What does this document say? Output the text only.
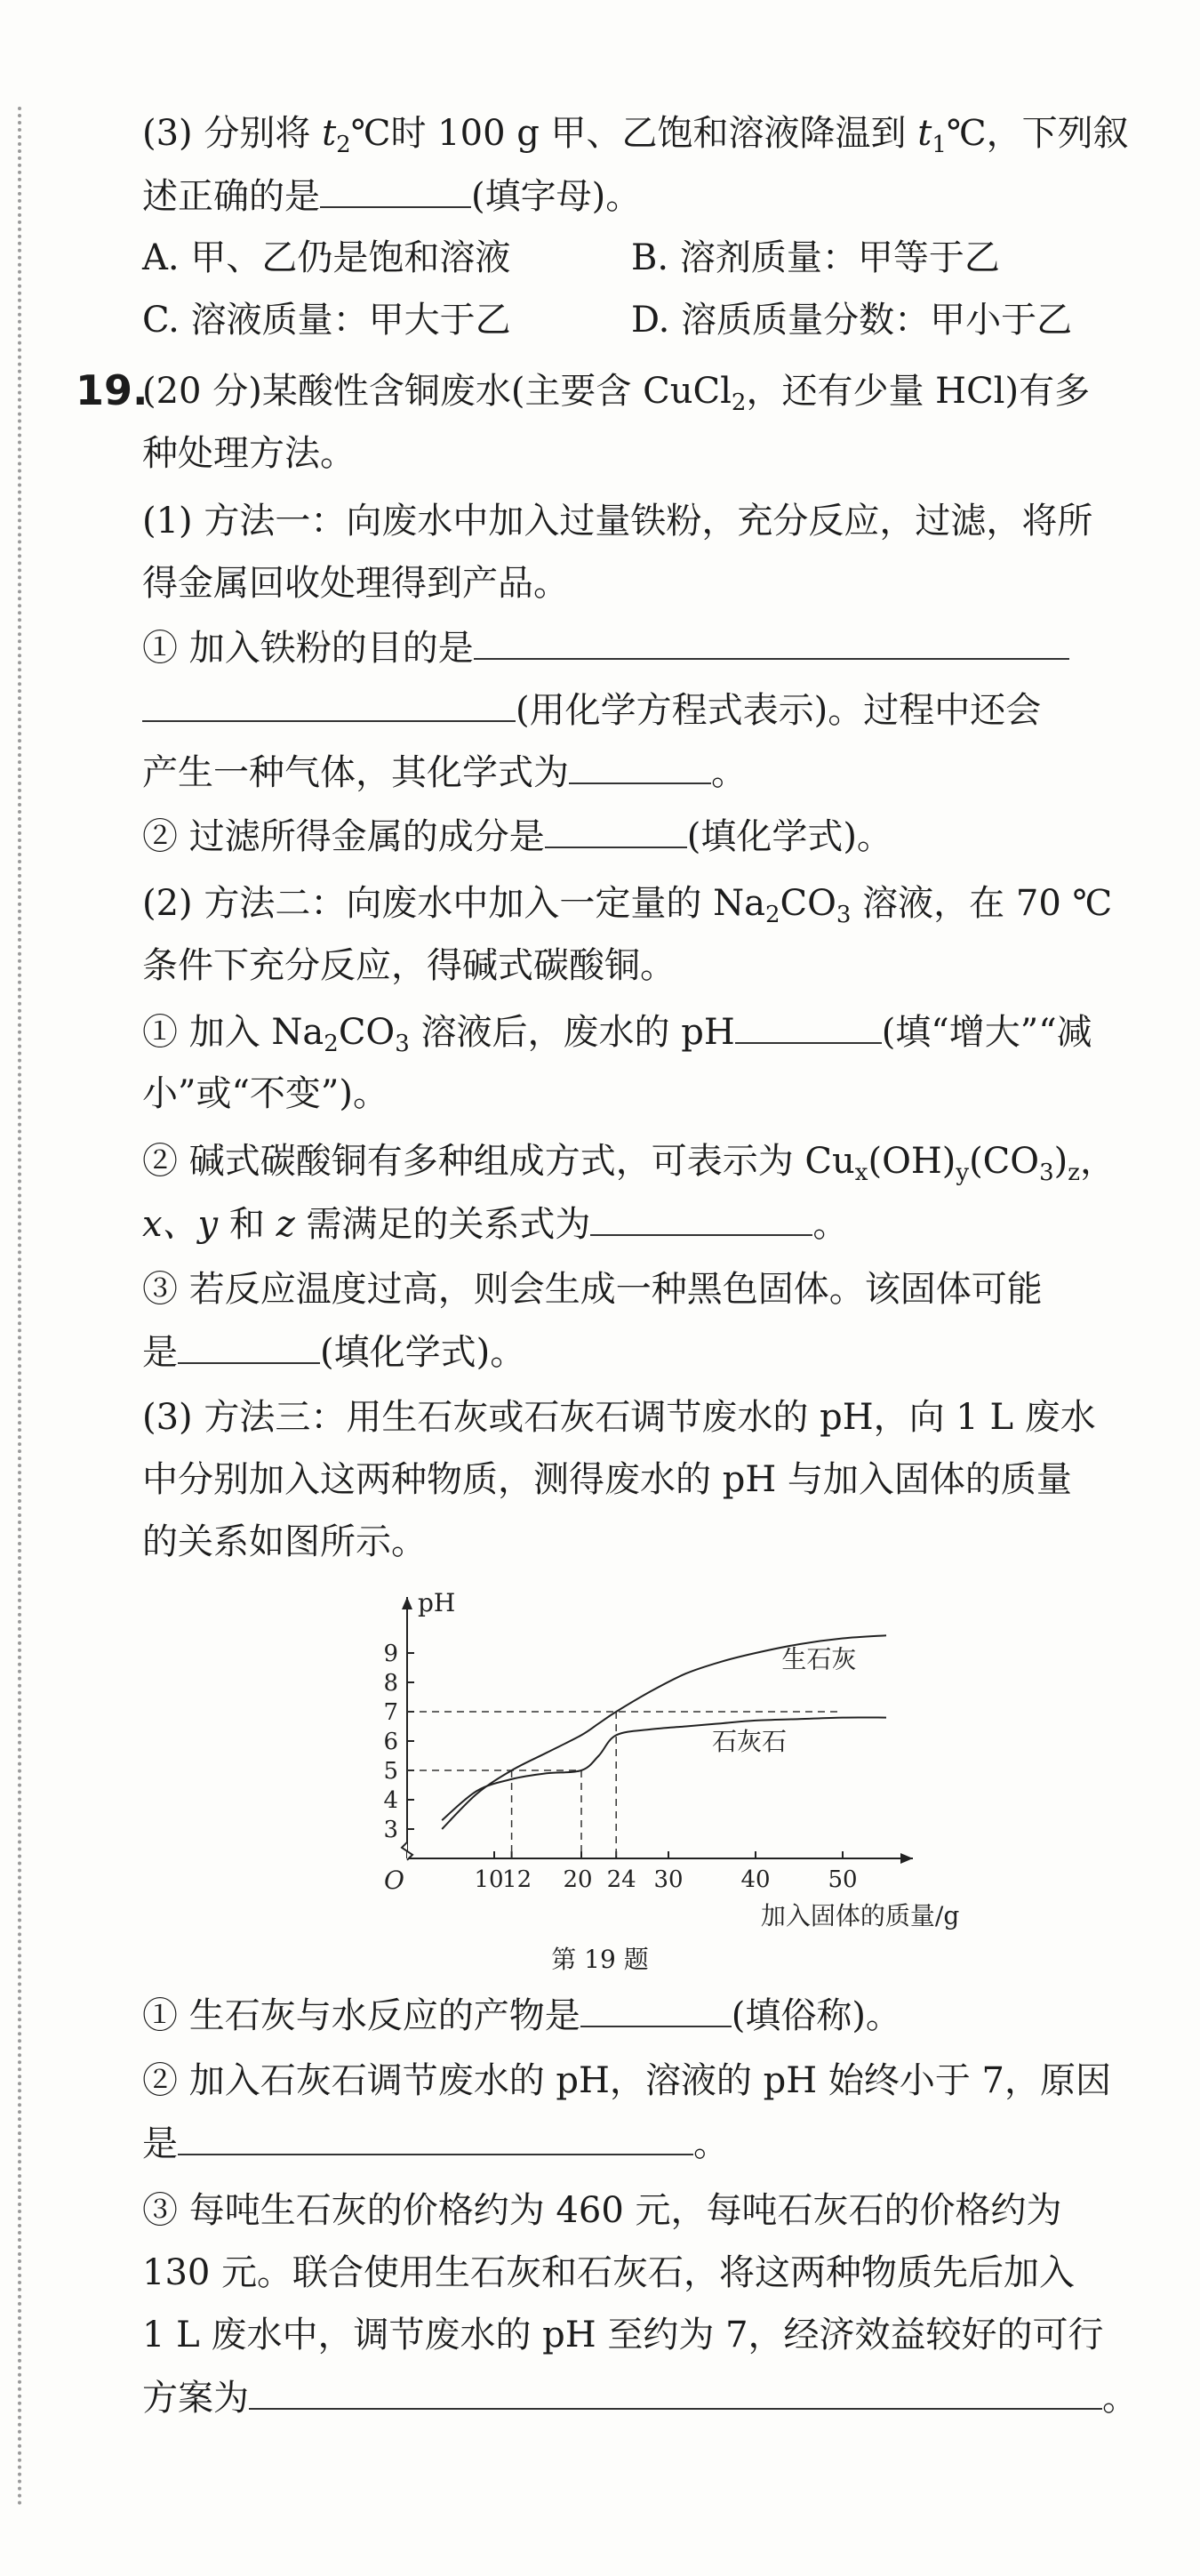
(3) 分别将 $t_2℃$时 100 g 甲、乙饱和溶液降温到 $t_1℃$，下列叙
述正确的是	(填字母)。
A. 甲、乙仍是饱和溶液	B. 溶剂质量：甲等于乙
C. 溶液质量：甲大于乙	D. 溶质质量分数：甲小于乙
19.
(20 分)某酸性含铜废水(主要含 CuCl$_2$，还有少量 HCl)有多
种处理方法。
(1) 方法一：向废水中加入过量铁粉，充分反应，过滤，将所
得金属回收处理得到产品。
① 加入铁粉的目的是
(用化学方程式表示)。过程中还会
产生一种气体，其化学式为	。
② 过滤所得金属的成分是	(填化学式)。
(2) 方法二：向废水中加入一定量的 $Na_2CO_3$ 溶液，在 70 ℃
条件下充分反应，得碱式碳酸铜。
① 加入 $Na_2CO_3$ 溶液后，废水的 pH	(填“增大”“减
小”或“不变”)。
② 碱式碳酸铜有多种组成方式，可表示为 $Cu_x(OH)_y(CO_3)_z$，
x、y 和 z 需满足的关系式为	。
③ 若反应温度过高，则会生成一种黑色固体。该固体可能
是	(填化学式)。
(3) 方法三：用生石灰或石灰石调节废水的 pH，向 1 L 废水
中分别加入这两种物质，测得废水的 pH 与加入固体的质量
的关系如图所示。
3
4
5
6
7
8
9
10
12 20 24 30 40 50
O
pH
加入固体的质量/g
生石灰
石灰石
第 19 题
① 生石灰与水反应的产物是	(填俗称)。
② 加入石灰石调节废水的 pH，溶液的 pH 始终小于 7，原因
是	。
③ 每吨生石灰的价格约为 460 元，每吨石灰石的价格约为
130 元。联合使用生石灰和石灰石，将这两种物质先后加入
1 L 废水中，调节废水的 pH 至约为 7，经济效益较好的可行
方案为	。
